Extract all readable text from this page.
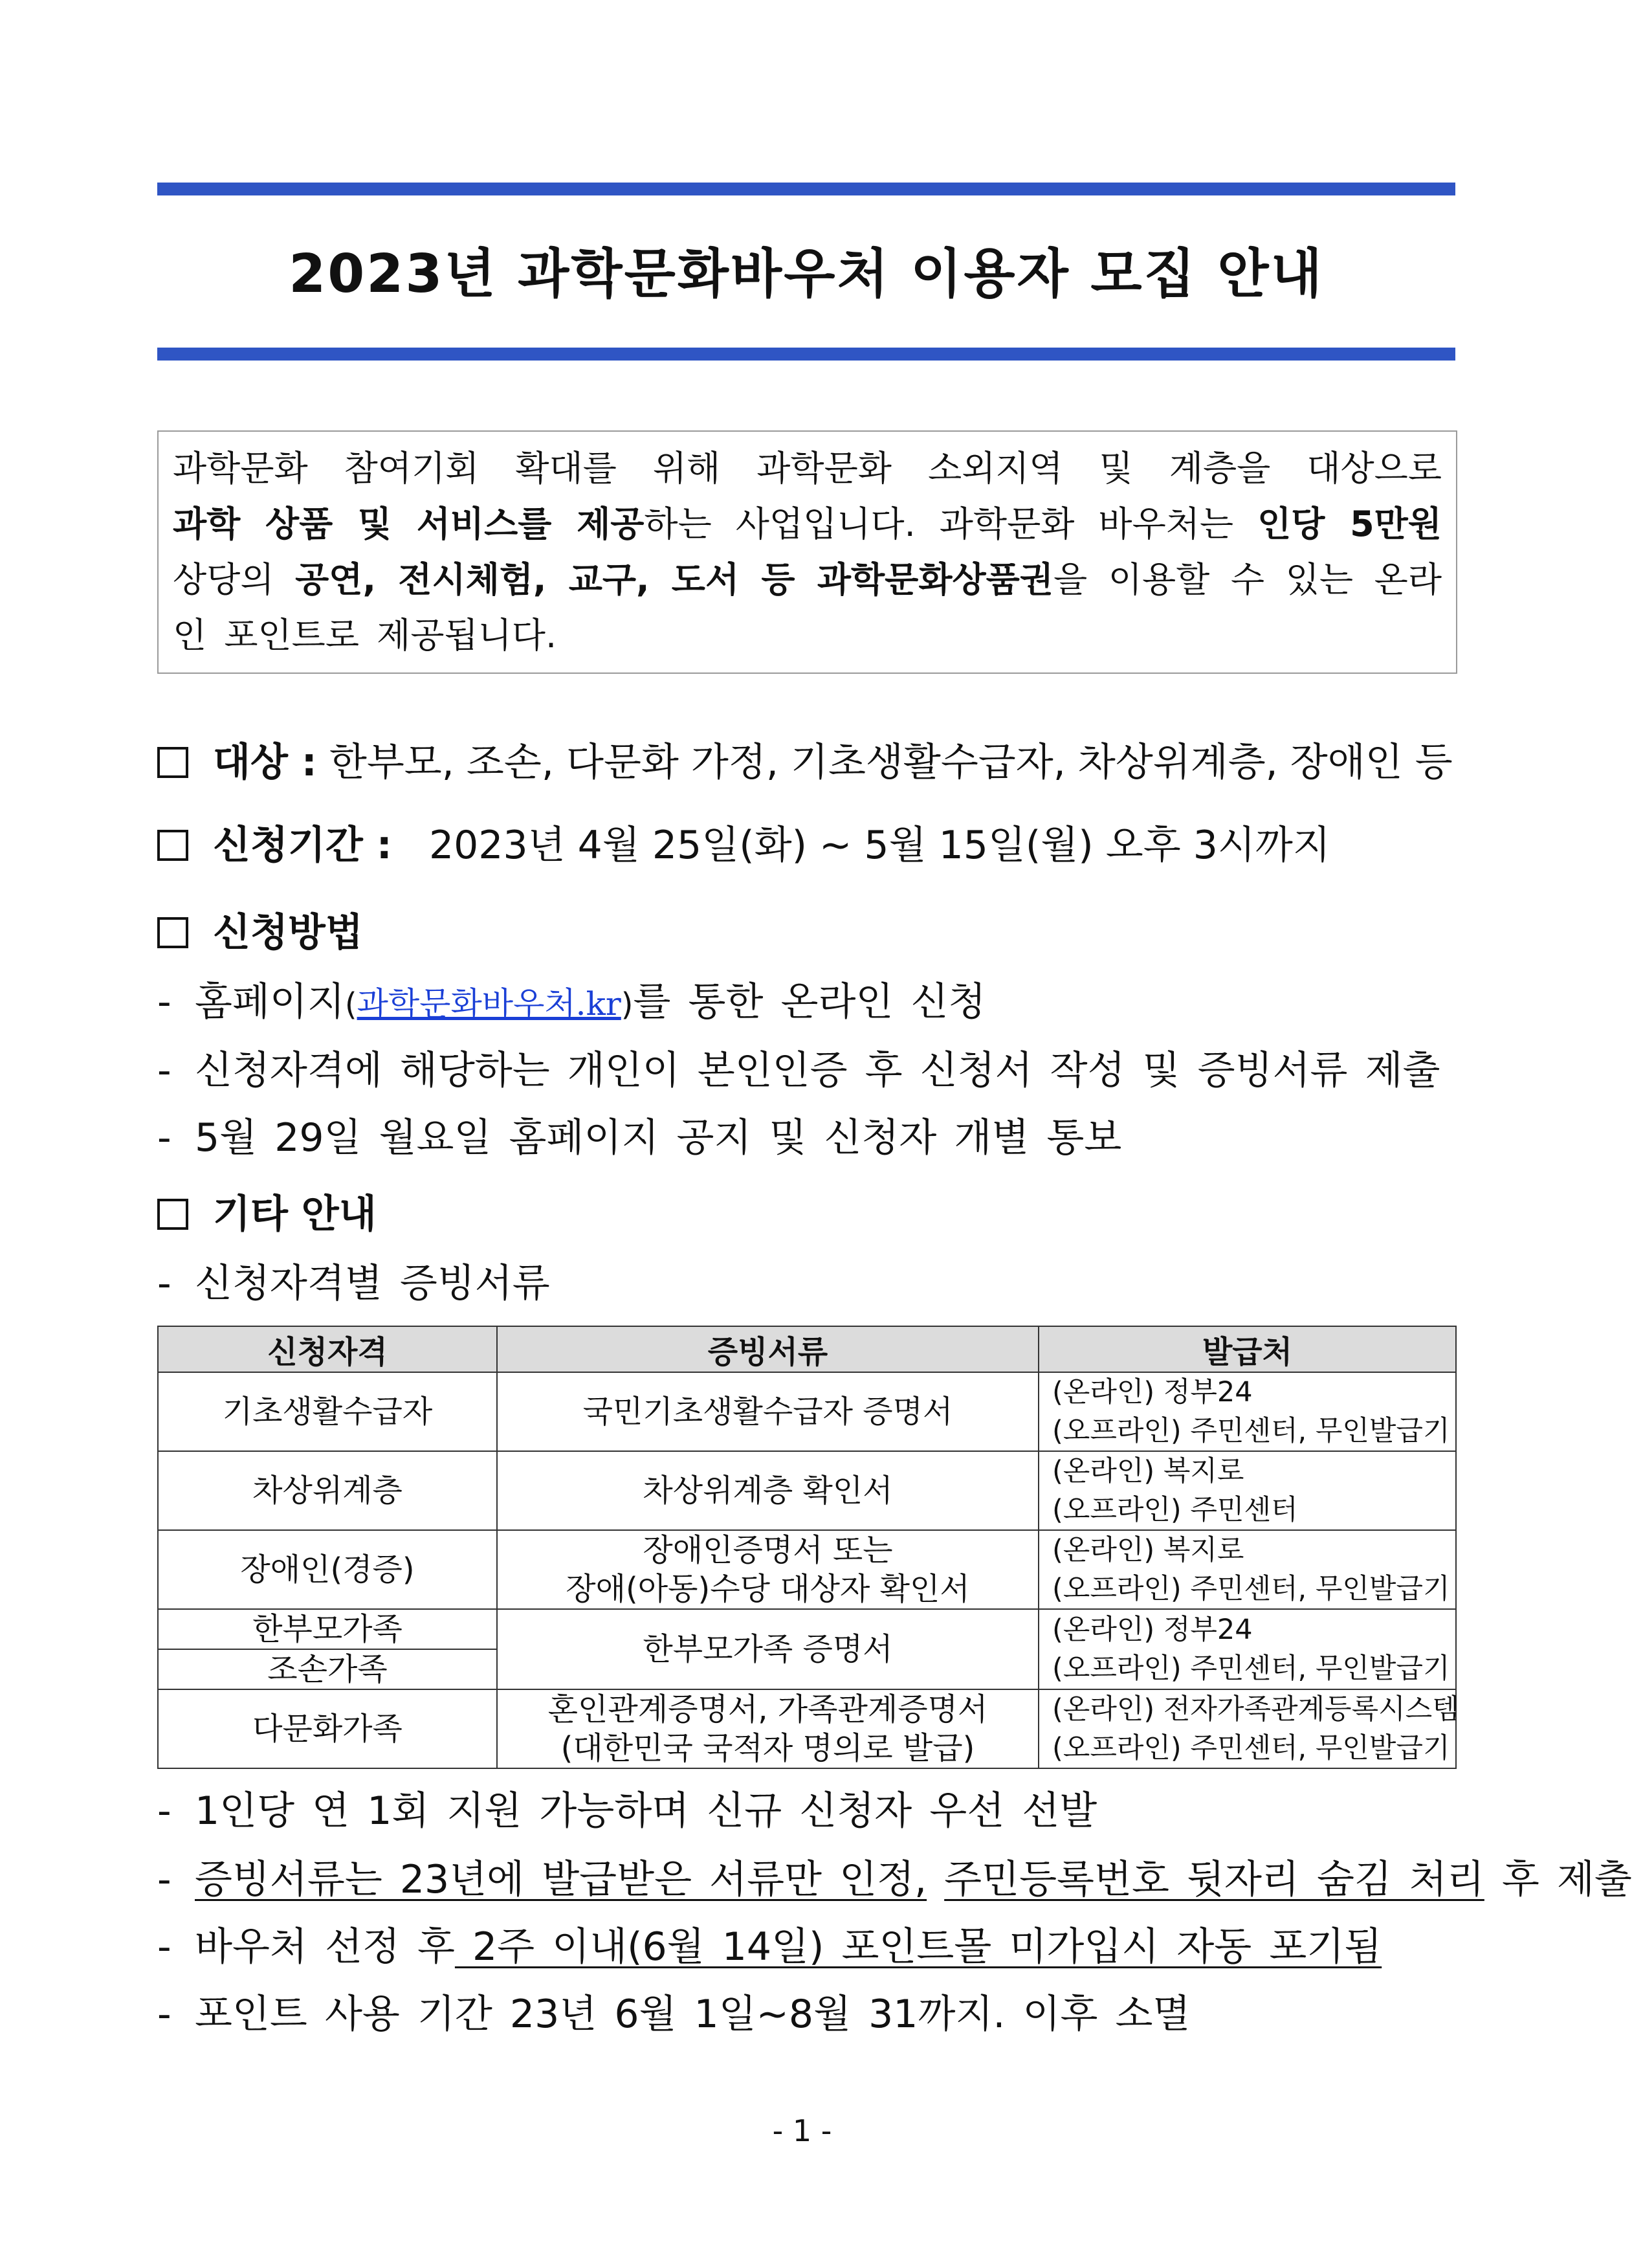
2023년 과학문화바우처 이용자 모집 안내
과학문화 참여기회 확대를 위해 과학문화 소외지역 및 계층을 대상으로
과학 상품 및 서비스를 제공하는 사업입니다. 과학문화 바우처는 인당 5만원
상당의 공연, 전시체험, 교구, 도서 등 과학문화상품권을 이용할 수 있는 온라

인 포인트로 제공됩니다.
대상 : 한부모, 조손, 다문화 가정, 기초생활수급자, 차상위계층, 장애인 등
신청기간 : 2023년 4월 25일(화) ~ 5월 15일(월) 오후 3시까지
신청방법
- 홈페이지(과학문화바우처.kr)를 통한 온라인 신청
- 신청자격에 해당하는 개인이 본인인증 후 신청서 작성 및 증빙서류 제출
- 5월 29일 월요일 홈페이지 공지 및 신청자 개별 통보
기타 안내
- 신청자격별 증빙서류
신청자격	증빙서류	발급처
기초생활수급자	국민기초생활수급자 증명서	(온라인) 정부24
(오프라인) 주민센터, 무인발급기
차상위계층	차상위계층 확인서	(온라인) 복지로
(오프라인) 주민센터
장애인(경증)	장애인증명서 또는
장애(아동)수당 대상자 확인서	(온라인) 복지로
(오프라인) 주민센터, 무인발급기
한부모가족	한부모가족 증명서	(온라인) 정부24
(오프라인) 주민센터, 무인발급기
조손가족		
다문화가족	혼인관계증명서, 가족관계증명서
(대한민국 국적자 명의로 발급)	(온라인) 전자가족관계등록시스템
(오프라인) 주민센터, 무인발급기
- 1인당 연 1회 지원 가능하며 신규 신청자 우선 선발
- 증빙서류는 23년에 발급받은 서류만 인정, 주민등록번호 뒷자리 숨김 처리 후 제출
- 바우처 선정 후 2주 이내(6월 14일) 포인트몰 미가입시 자동 포기됨
- 포인트 사용 기간 23년 6월 1일~8월 31까지. 이후 소멸
- 1 -
